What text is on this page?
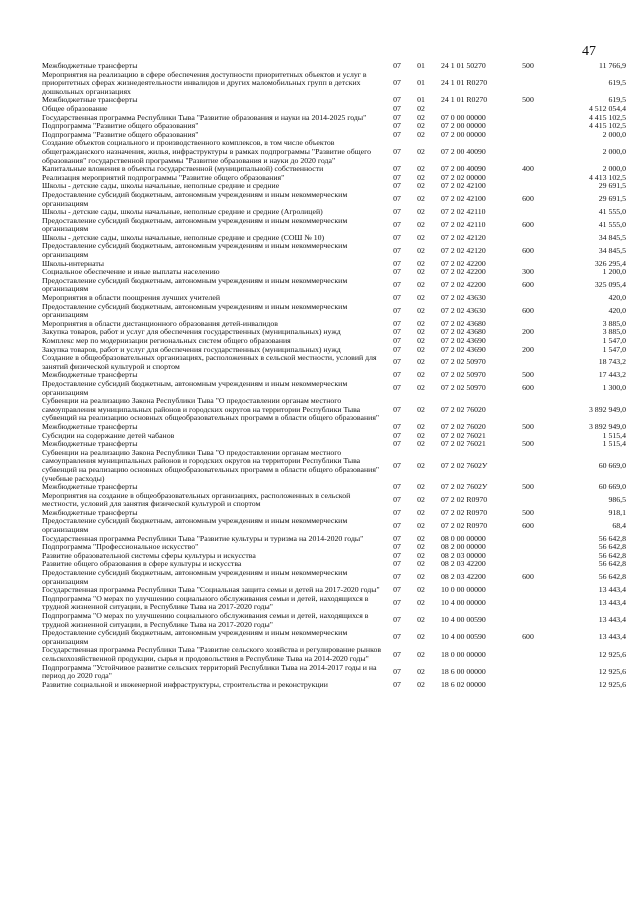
47
Межбюджетные трансферты	07	01	24 1 01 50270	500	11 766,9
Мероприятия на реализацию в сфере обеспечения доступности приоритетных объектов и услуг в приоритетных сферах жизнедеятельности инвалидов и других маломобильных групп в детских дошкольных организациях	07	01	24 1 01 R0270		619,5
Межбюджетные трансферты	07	01	24 1 01 R0270	500	619,5
Общее образование	07	02			4 512 054,4
Государственная программа Республики Тыва "Развитие образования и науки на 2014-2025 годы"	07	02	07 0 00 00000		4 415 102,5
Подпрограмма "Развитие общего образования"	07	02	07 2 00 00000		4 415 102,5
Подпрограмма "Развитие общего образования"	07	02	07 2 00 00000		2 000,0
Создание объектов социального и производственного комплексов, в том числе объектов общегражданского назначения, жилья, инфраструктуры в рамках подпрограммы "Развитие общего образования" государственной программы "Развитие образования и науки до 2020 года"	07	02	07 2 00 40090		2 000,0
Капитальные вложения в объекты государственной (муниципальной) собственности	07	02	07 2 00 40090	400	2 000,0
Реализация мероприятий подпрограммы "Развитие общего образования"	07	02	07 2 02 00000		4 413 102,5
Школы - детские сады, школы начальные, неполные средние и средние	07	02	07 2 02 42100		29 691,5
Предоставление субсидий бюджетным, автономным учреждениям и иным некоммерческим организациям	07	02	07 2 02 42100	600	29 691,5
Школы - детские сады, школы начальные, неполные средние и средние (Агролицей)	07	02	07 2 02 42110		41 555,0
Предоставление субсидий бюджетным, автономным учреждениям и иным некоммерческим организациям	07	02	07 2 02 42110	600	41 555,0
Школы - детские сады, школы начальные, неполные средние и средние (СОШ № 10)	07	02	07 2 02 42120		34 845,5
Предоставление субсидий бюджетным, автономным учреждениям и иным некоммерческим организациям	07	02	07 2 02 42120	600	34 845,5
Школы-интернаты	07	02	07 2 02 42200		326 295,4
Социальное обеспечение и иные выплаты населению	07	02	07 2 02 42200	300	1 200,0
Предоставление субсидий бюджетным, автономным учреждениям и иным некоммерческим организациям	07	02	07 2 02 42200	600	325 095,4
Мероприятия в области поощрения лучших учителей	07	02	07 2 02 43630		420,0
Предоставление субсидий бюджетным, автономным учреждениям и иным некоммерческим организациям	07	02	07 2 02 43630	600	420,0
Мероприятия в области дистанционного образования детей-инвалидов	07	02	07 2 02 43680		3 885,0
Закупка товаров, работ и услуг для обеспечения государственных (муниципальных) нужд	07	02	07 2 02 43680	200	3 885,0
Комплекс мер по модернизации региональных систем общего образования	07	02	07 2 02 43690		1 547,0
Закупка товаров, работ и услуг для обеспечения государственных (муниципальных) нужд	07	02	07 2 02 43690	200	1 547,0
Создание в общеобразовательных организациях, расположенных в сельской местности, условий для занятий физической культурой и спортом	07	02	07 2 02 50970		18 743,2
Межбюджетные трансферты	07	02	07 2 02 50970	500	17 443,2
Предоставление субсидий бюджетным, автономным учреждениям и иным некоммерческим организациям	07	02	07 2 02 50970	600	1 300,0
Субвенции на реализацию Закона Республики Тыва "О предоставлении органам местного самоуправления муниципальных районов и городских округов на территории Республики Тыва субвенций на реализацию основных общеобразовательных программ в области общего образования"	07	02	07 2 02 76020		3 892 949,0
Межбюджетные трансферты	07	02	07 2 02 76020	500	3 892 949,0
Субсидии на содержание детей чабанов	07	02	07 2 02 76021		1 515,4
Межбюджетные трансферты	07	02	07 2 02 76021	500	1 515,4
Субвенции на реализацию Закона Республики Тыва "О предоставлении органам местного самоуправления муниципальных районов и городских округов на территории Республики Тыва субвенций на реализацию основных общеобразовательных программ в области общего образования" (учебные расходы)	07	02	07 2 02 7602У		60 669,0
Межбюджетные трансферты	07	02	07 2 02 7602У	500	60 669,0
Мероприятия на создание в общеобразовательных организациях, расположенных в сельской местности, условий для занятия физической культурой и спортом	07	02	07 2 02 R0970		986,5
Межбюджетные трансферты	07	02	07 2 02 R0970	500	918,1
Предоставление субсидий бюджетным, автономным учреждениям и иным некоммерческим организациям	07	02	07 2 02 R0970	600	68,4
Государственная программа Республики Тыва "Развитие культуры и туризма на 2014-2020 годы"	07	02	08 0 00 00000		56 642,8
Подпрограмма "Профессиональное искусство"	07	02	08 2 00 00000		56 642,8
Развитие образовательной системы сферы культуры и искусства	07	02	08 2 03 00000		56 642,8
Развитие общего образования в сфере культуры и искусства	07	02	08 2 03 42200		56 642,8
Предоставление субсидий бюджетным, автономным учреждениям и иным некоммерческим организациям	07	02	08 2 03 42200	600	56 642,8
Государственная программа Республики Тыва "Социальная защита семьи и детей на 2017-2020 годы"	07	02	10 0 00 00000		13 443,4
Подпрограмма "О мерах по улучшению социального обслуживания семьи и детей, находящихся в трудной жизненной ситуации, в Республике Тыва на 2017-2020 годы"	07	02	10 4 00 00000		13 443,4
Подпрограмма "О мерах по улучшению социального обслуживания семьи и детей, находящихся в трудной жизненной ситуации, в Республике Тыва на 2017-2020 годы"	07	02	10 4 00 00590		13 443,4
Предоставление субсидий бюджетным, автономным учреждениям и иным некоммерческим организациям	07	02	10 4 00 00590	600	13 443,4
Государственная программа Республики Тыва "Развитие сельского хозяйства и регулирование рынков сельскохозяйственной продукции, сырья и продовольствия в Республике Тыва на 2014-2020 годы"	07	02	18 0 00 00000		12 925,6
Подпрограмма "Устойчивое развитие сельских территорий Республики Тыва на 2014-2017 годы и на период до 2020 года"	07	02	18 6 00 00000		12 925,6
Развитие социальной и инженерной инфраструктуры, строительства и реконструкции	07	02	18 6 02 00000		12 925,6
